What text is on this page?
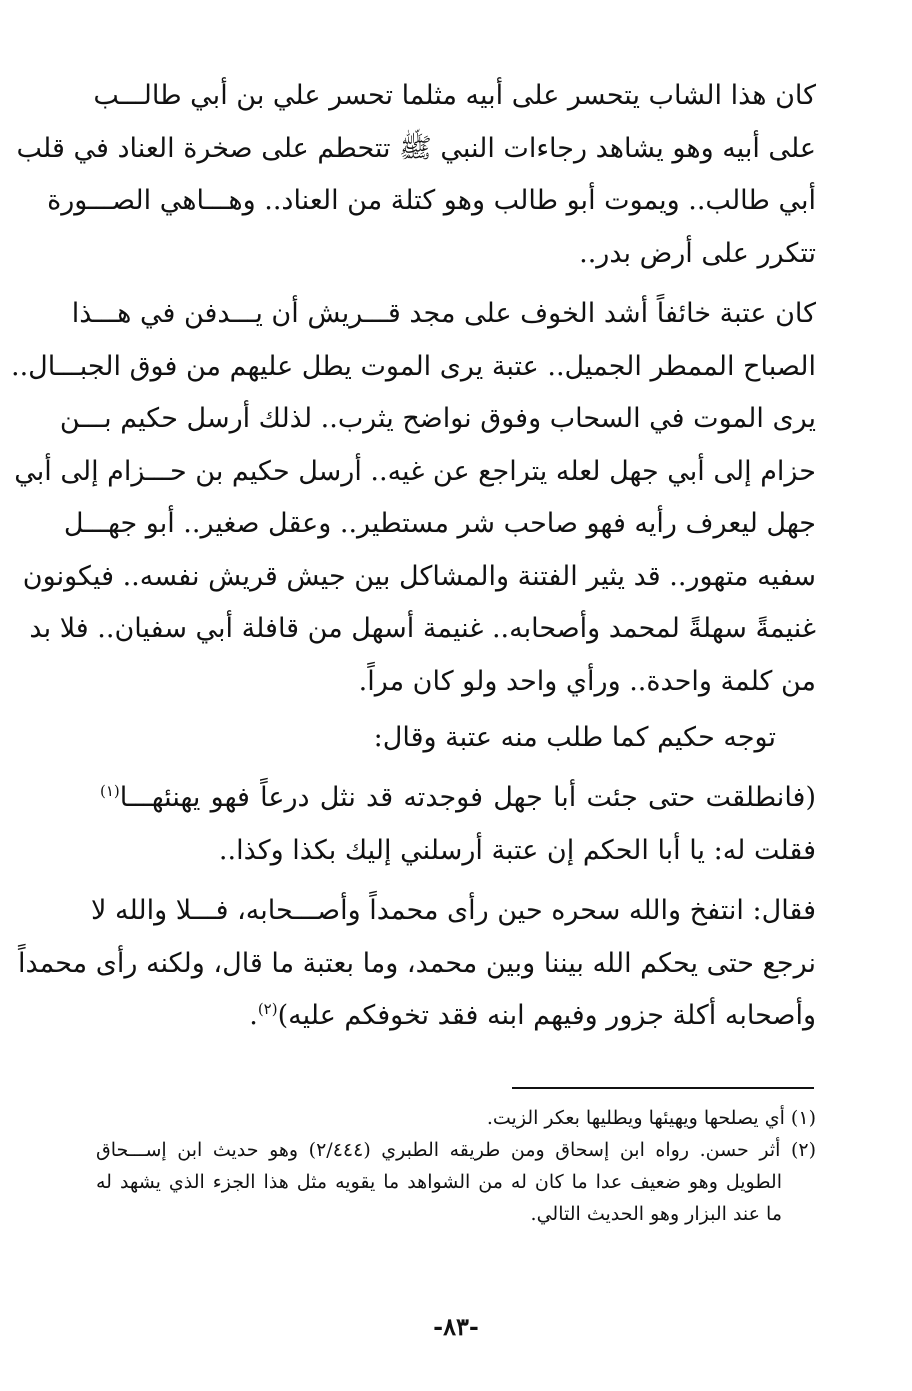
كان هذا الشاب يتحسر على أبيه مثلما تحسر علي بن أبي طالـــب
على أبيه وهو يشاهد رجاءات النبي ﷺ تتحطم على صخرة العناد في قلب
أبي طالب.. ويموت أبو طالب وهو كتلة من العناد.. وهـــاهي الصـــورة
تتكرر على أرض بدر..
كان عتبة خائفاً أشد الخوف على مجد قـــريش أن يـــدفن في هـــذا
الصباح الممطر الجميل.. عتبة يرى الموت يطل عليهم من فوق الجبـــال..
يرى الموت في السحاب وفوق نواضح يثرب.. لذلك أرسل حكيم بـــن
حزام إلى أبي جهل لعله يتراجع عن غيه.. أرسل حكيم بن حـــزام إلى أبي
جهل ليعرف رأيه فهو صاحب شر مستطير.. وعقل صغير.. أبو جهـــل
سفيه متهور.. قد يثير الفتنة والمشاكل بين جيش قريش نفسه.. فيكونون
غنيمةً سهلةً لمحمد وأصحابه.. غنيمة أسهل من قافلة أبي سفيان.. فلا بد
من كلمة واحدة.. ورأي واحد ولو كان مراً.
توجه حكيم كما طلب منه عتبة وقال:
(فانطلقت حتى جئت أبا جهل فوجدته قد نثل درعاً فهو يهنئهـــا$^{(١)}$
فقلت له: يا أبا الحكم إن عتبة أرسلني إليك بكذا وكذا..
فقال: انتفخ والله سحره حين رأى محمداً وأصـــحابه، فـــلا والله لا
نرجع حتى يحكم الله بيننا وبين محمد، وما بعتبة ما قال، ولكنه رأى محمداً
وأصحابه أكلة جزور وفيهم ابنه فقد تخوفكم عليه)$^{(٢)}$.
(١) أي يصلحها ويهيئها ويطليها بعكر الزيت.
(٢) أثر حسن. رواه ابن إسحاق ومن طريقه الطبري (٢/٤٤٤) وهو حديث ابن إســـحاق
الطويل وهو ضعيف عدا ما كان له من الشواهد ما يقويه مثل هذا الجزء الذي يشهد له
ما عند البزار وهو الحديث التالي.
-٨٣-
